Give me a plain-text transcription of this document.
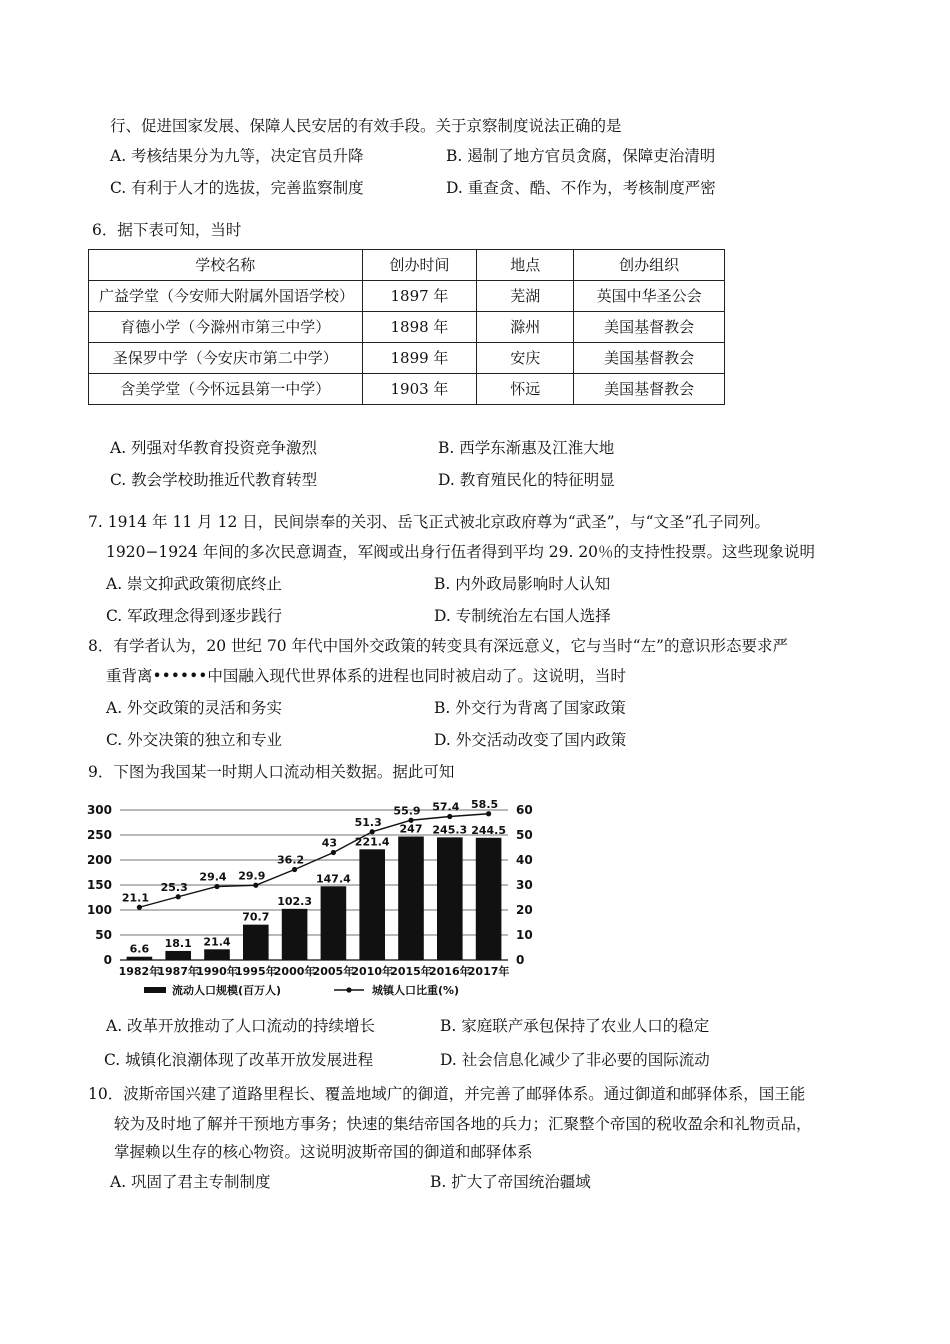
行、促进国家发展、保障人民安居的有效手段。关于京察制度说法正确的是
A. 考核结果分为九等，决定官员升降	B. 遏制了地方官员贪腐，保障吏治清明
C. 有利于人才的选拔，完善监察制度	D. 重查贪、酷、不作为，考核制度严密
6．据下表可知，当时
学校名称	创办时间	地点	创办组织
广益学堂（今安师大附属外国语学校）	1897 年	芜湖	英国中华圣公会
育德小学（今滁州市第三中学）	1898 年	滁州	美国基督教会
圣保罗中学（今安庆市第二中学）	1899 年	安庆	美国基督教会
含美学堂（今怀远县第一中学）	1903 年	怀远	美国基督教会
A. 列强对华教育投资竞争激烈	B. 西学东渐惠及江淮大地
C. 教会学校助推近代教育转型	D. 教育殖民化的特征明显
7. 1914 年 11 月 12 日，民间崇奉的关羽、岳飞正式被北京政府尊为“武圣”，与“文圣”孔子同列。
1920−1924 年间的多次民意调查，军阀或出身行伍者得到平均 29. 20％的支持性投票。这些现象说明
A. 崇文抑武政策彻底终止	B. 内外政局影响时人认知
C. 军政理念得到逐步践行	D. 专制统治左右国人选择
8．有学者认为，20 世纪 70 年代中国外交政策的转变具有深远意义，它与当时“左”的意识形态要求严
重背离••••••中国融入现代世界体系的进程也同时被启动了。这说明，当时
A. 外交政策的灵活和务实	B. 外交行为背离了国家政策
C. 外交决策的独立和专业	D. 外交活动改变了国内政策
9．下图为我国某一时期人口流动相关数据。据此可知
6.6 18.1 21.4
70.7
102.3
147.4
221.4
247 245.3 244.5
21.1
25.3
29.4 29.9
36.2
43
51.3
55.9 57.4 58.5
300
250
200
150
100
50
0
60
50
40
30
20
10
0
1982年
1987年
1990年
1995年
2000年
2005年
2010年
2015年
2016年
2017年
流动人口规模(百万人)	城镇人口比重(%)
A. 改革开放推动了人口流动的持续增长	B. 家庭联产承包保持了农业人口的稳定
C. 城镇化浪潮体现了改革开放发展进程	D. 社会信息化减少了非必要的国际流动
10．波斯帝国兴建了道路里程长、覆盖地域广的御道，并完善了邮驿体系。通过御道和邮驿体系，国王能
较为及时地了解并干预地方事务；快速的集结帝国各地的兵力；汇聚整个帝国的税收盈余和礼物贡品，
掌握赖以生存的核心物资。这说明波斯帝国的御道和邮驿体系
A. 巩固了君主专制制度	B. 扩大了帝国统治疆域
